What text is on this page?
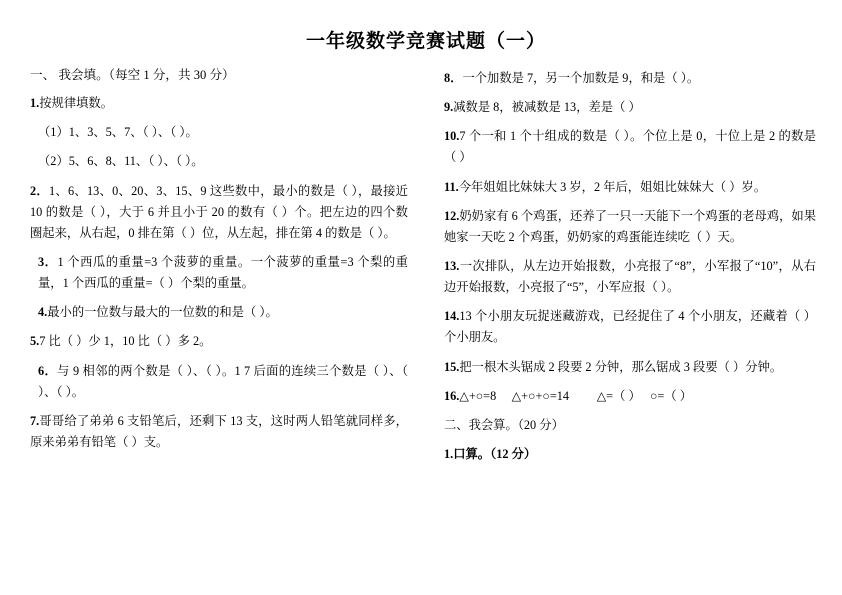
一年级数学竞赛试题（一）
一、 我会填。（每空 1 分，共 30 分）
1.按规律填数。
（1）1、3、5、7、（ ）、（ ）。
（2）5、6、8、11、（ ）、（ ）。
2．1、6、13、0、20、3、15、9 这些数中，最小的数是（ ），最接近 10 的数是（ ），大于 6 并且小于 20 的数有（ ）个。把左边的四个数圈起来，从右起，0 排在第（ ）位，从左起，排在第 4 的数是（ ）。
3．1 个西瓜的重量=3 个菠萝的重量。一个菠萝的重量=3 个梨的重量，1 个西瓜的重量=（ ）个梨的重量。
4.最小的一位数与最大的一位数的和是（ ）。
5.7 比（ ）少 1，10 比（ ）多 2。
6．与 9 相邻的两个数是（ ）、（ ）。1 7 后面的连续三个数是（ ）、（ ）、（ ）。
7.哥哥给了弟弟 6 支铅笔后，还剩下 13 支，这时两人铅笔就同样多，原来弟弟有铅笔（ ）支。
8．一个加数是 7，另一个加数是 9，和是（ ）。
9.减数是 8，被减数是 13，差是（ ）
10.7 个一和 1 个十组成的数是（ ）。个位上是 0，十位上是 2 的数是（ ）
11.今年姐姐比妹妹大 3 岁，2 年后，姐姐比妹妹大（ ）岁。
12.奶奶家有 6 个鸡蛋，还养了一只一天能下一个鸡蛋的老母鸡，如果她家一天吃 2 个鸡蛋，奶奶家的鸡蛋能连续吃（ ）天。
13.一次排队，从左边开始报数，小亮报了“8”，小军报了“10”，从右边开始报数，小亮报了“5”，小军应报（ ）。
14.13 个小朋友玩捉迷藏游戏，已经捉住了 4 个小朋友，还藏着（ ）个小朋友。
15.把一根木头锯成 2 段要 2 分钟，那么锯成 3 段要（ ）分钟。
16.△+○=8　 △+○+○=14 　　△=（ ）　 ○=（ ）
二、我会算。（20 分）
1.口算。（12 分）
